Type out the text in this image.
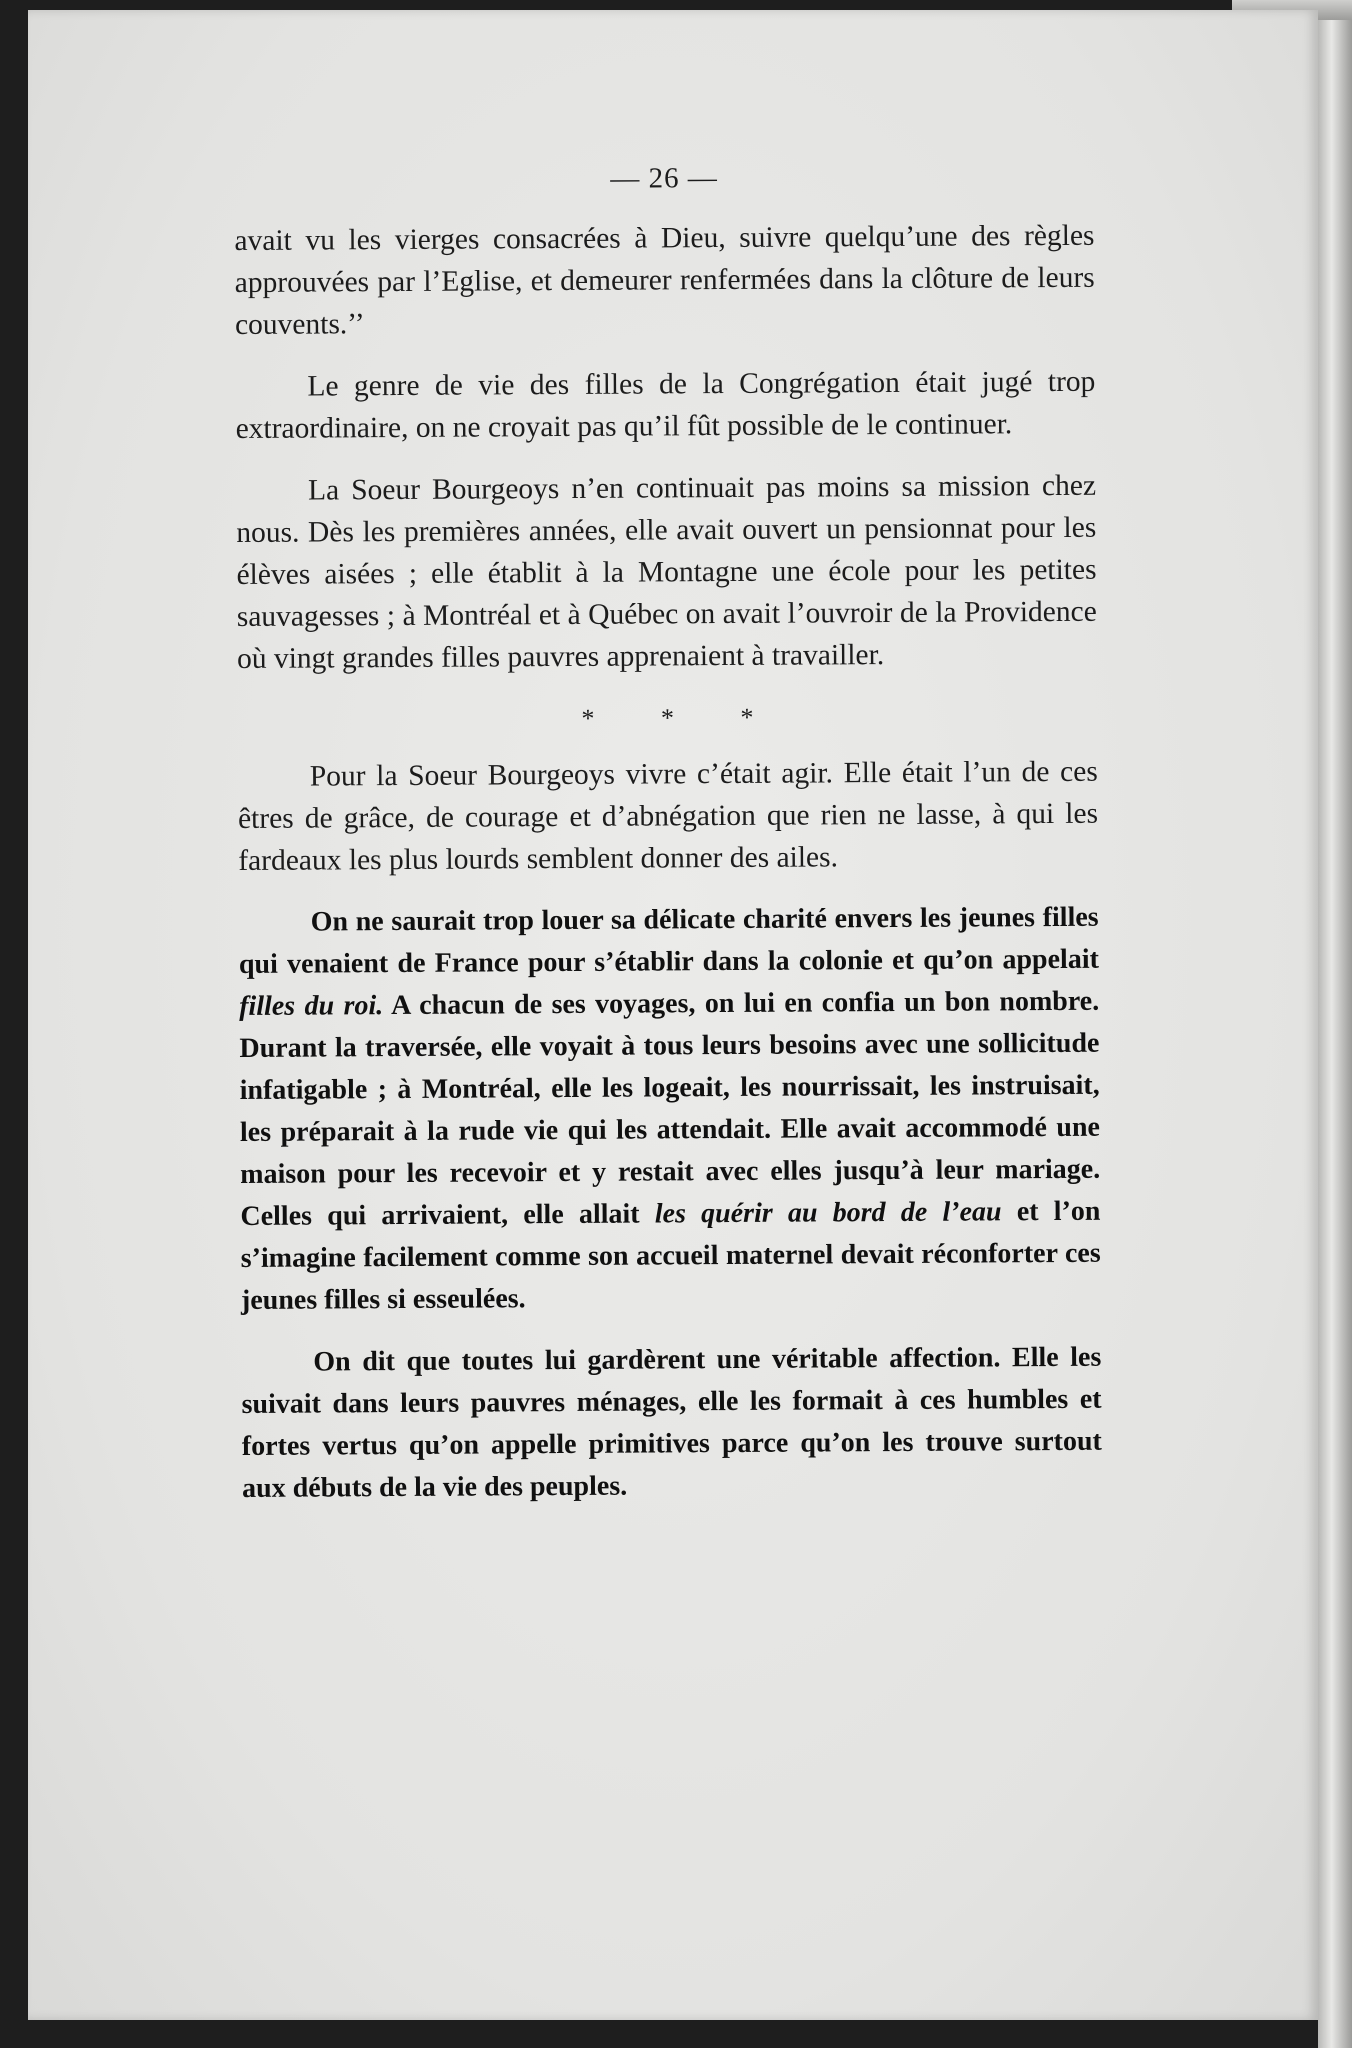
— 26 —

avait vu les vierges consacrées à Dieu, suivre quelqu’une des règles approuvées par l’Eglise, et demeurer renfermées dans la clôture de leurs couvents.’’

Le genre de vie des filles de la Congrégation était jugé trop extraordinaire, on ne croyait pas qu’il fût possible de le continuer.

La Soeur Bourgeoys n’en continuait pas moins sa mission chez nous. Dès les premières années, elle avait ouvert un pensionnat pour les élèves aisées ; elle établit à la Montagne une école pour les petites sauvagesses ; à Montréal et à Québec on avait l’ouvroir de la Providence où vingt grandes filles pauvres apprenaient à travailler.

* * *

Pour la Soeur Bourgeoys vivre c’était agir. Elle était l’un de ces êtres de grâce, de courage et d’abnégation que rien ne lasse, à qui les fardeaux les plus lourds semblent donner des ailes.

On ne saurait trop louer sa délicate charité envers les jeunes filles qui venaient de France pour s’établir dans la colonie et qu’on appelait filles du roi. A chacun de ses voyages, on lui en confia un bon nombre. Durant la traversée, elle voyait à tous leurs besoins avec une sollicitude infatigable ; à Montréal, elle les logeait, les nourrissait, les instruisait, les préparait à la rude vie qui les attendait. Elle avait accommodé une maison pour les recevoir et y restait avec elles jusqu’à leur mariage. Celles qui arrivaient, elle allait les quérir au bord de l’eau et l’on s’imagine facilement comme son accueil maternel devait réconforter ces jeunes filles si esseulées.

On dit que toutes lui gardèrent une véritable affection. Elle les suivait dans leurs pauvres ménages, elle les formait à ces humbles et fortes vertus qu’on appelle primitives parce qu’on les trouve surtout aux débuts de la vie des peuples.
